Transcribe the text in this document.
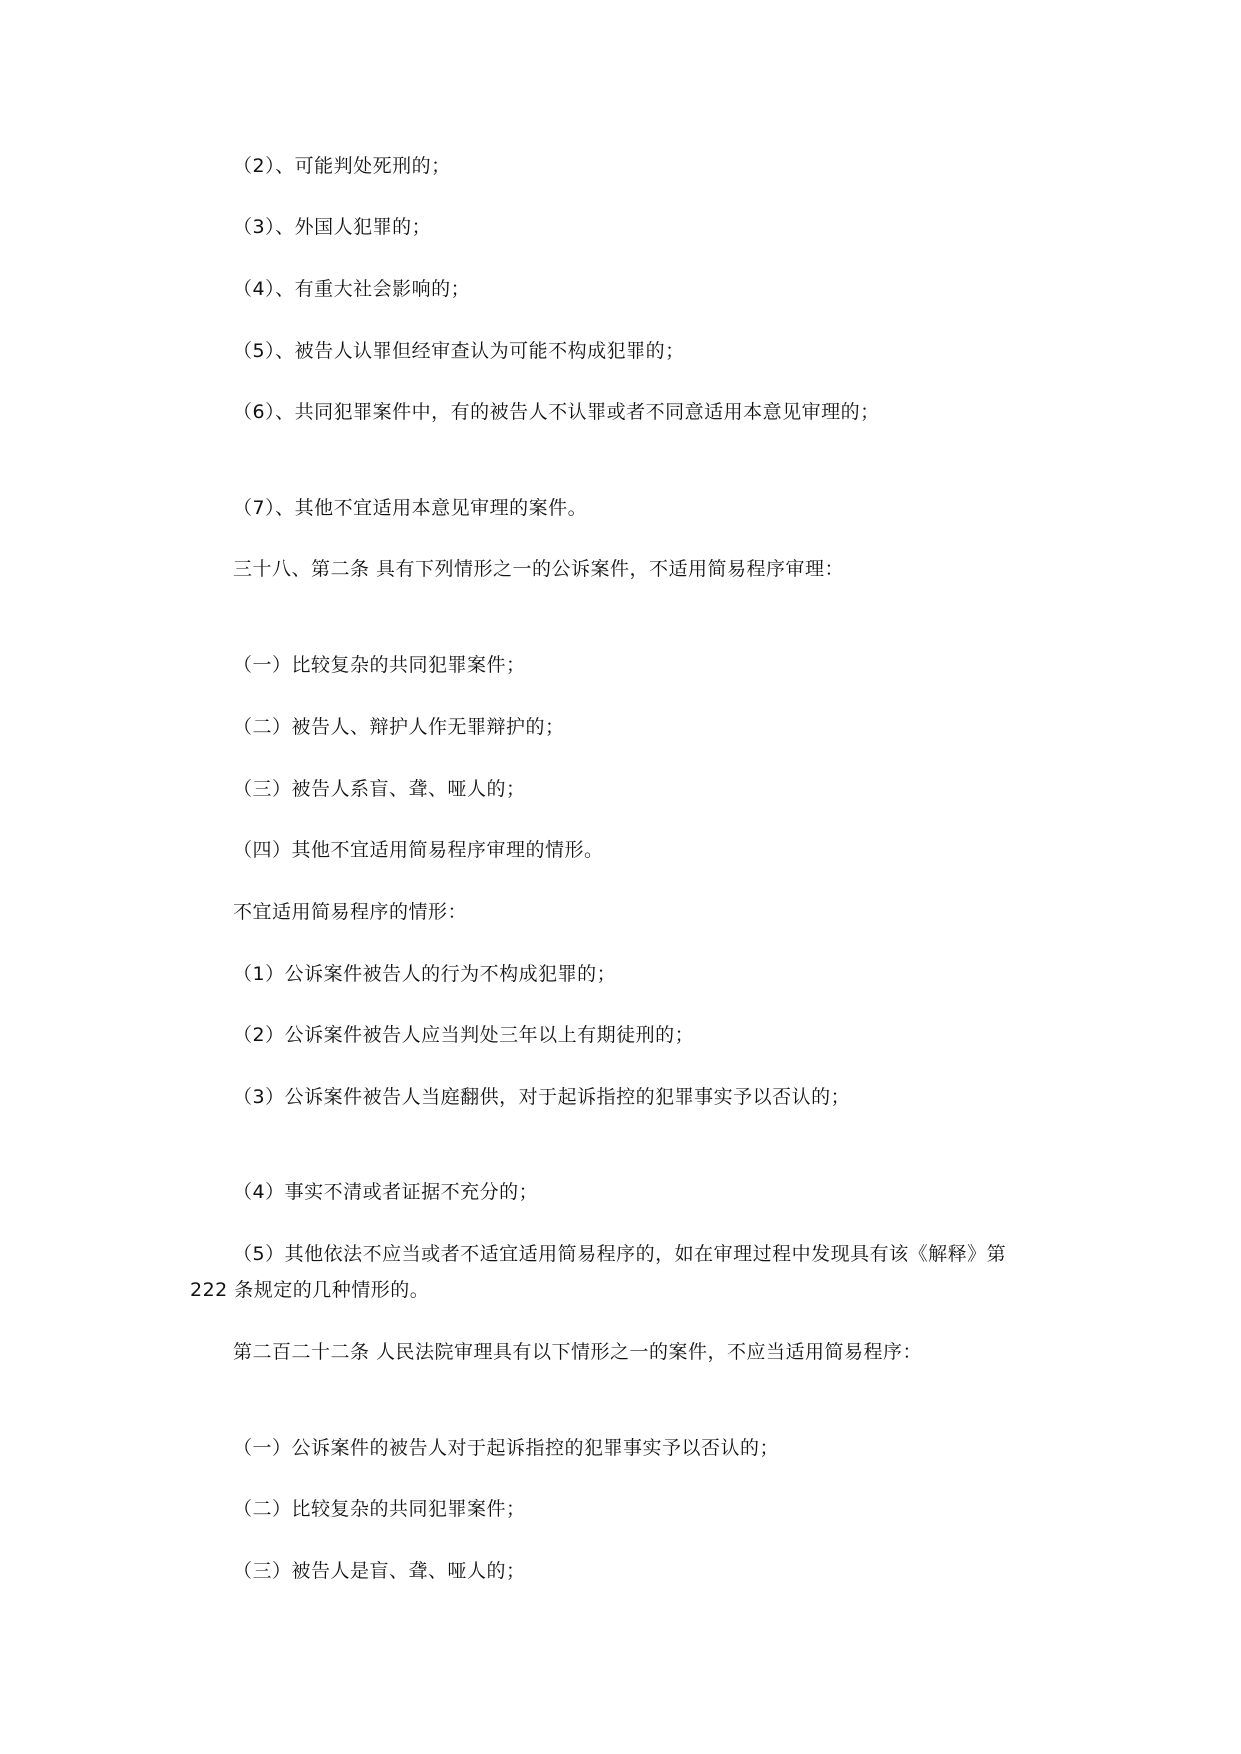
（2）、可能判处死刑的；
（3）、外国人犯罪的；
（4）、有重大社会影响的；
（5）、被告人认罪但经审查认为可能不构成犯罪的；
（6）、共同犯罪案件中，有的被告人不认罪或者不同意适用本意见审理的；
（7）、其他不宜适用本意见审理的案件。
三十八、第二条 具有下列情形之一的公诉案件，不适用简易程序审理：
（一）比较复杂的共同犯罪案件；
（二）被告人、辩护人作无罪辩护的；
（三）被告人系盲、聋、哑人的；
（四）其他不宜适用简易程序审理的情形。
不宜适用简易程序的情形：
（1）公诉案件被告人的行为不构成犯罪的；
（2）公诉案件被告人应当判处三年以上有期徒刑的；
（3）公诉案件被告人当庭翻供，对于起诉指控的犯罪事实予以否认的；
（4）事实不清或者证据不充分的；
（5）其他依法不应当或者不适宜适用简易程序的，如在审理过程中发现具有该《解释》第
222 条规定的几种情形的。
第二百二十二条 人民法院审理具有以下情形之一的案件，不应当适用简易程序：
（一）公诉案件的被告人对于起诉指控的犯罪事实予以否认的；
（二）比较复杂的共同犯罪案件；
（三）被告人是盲、聋、哑人的；
